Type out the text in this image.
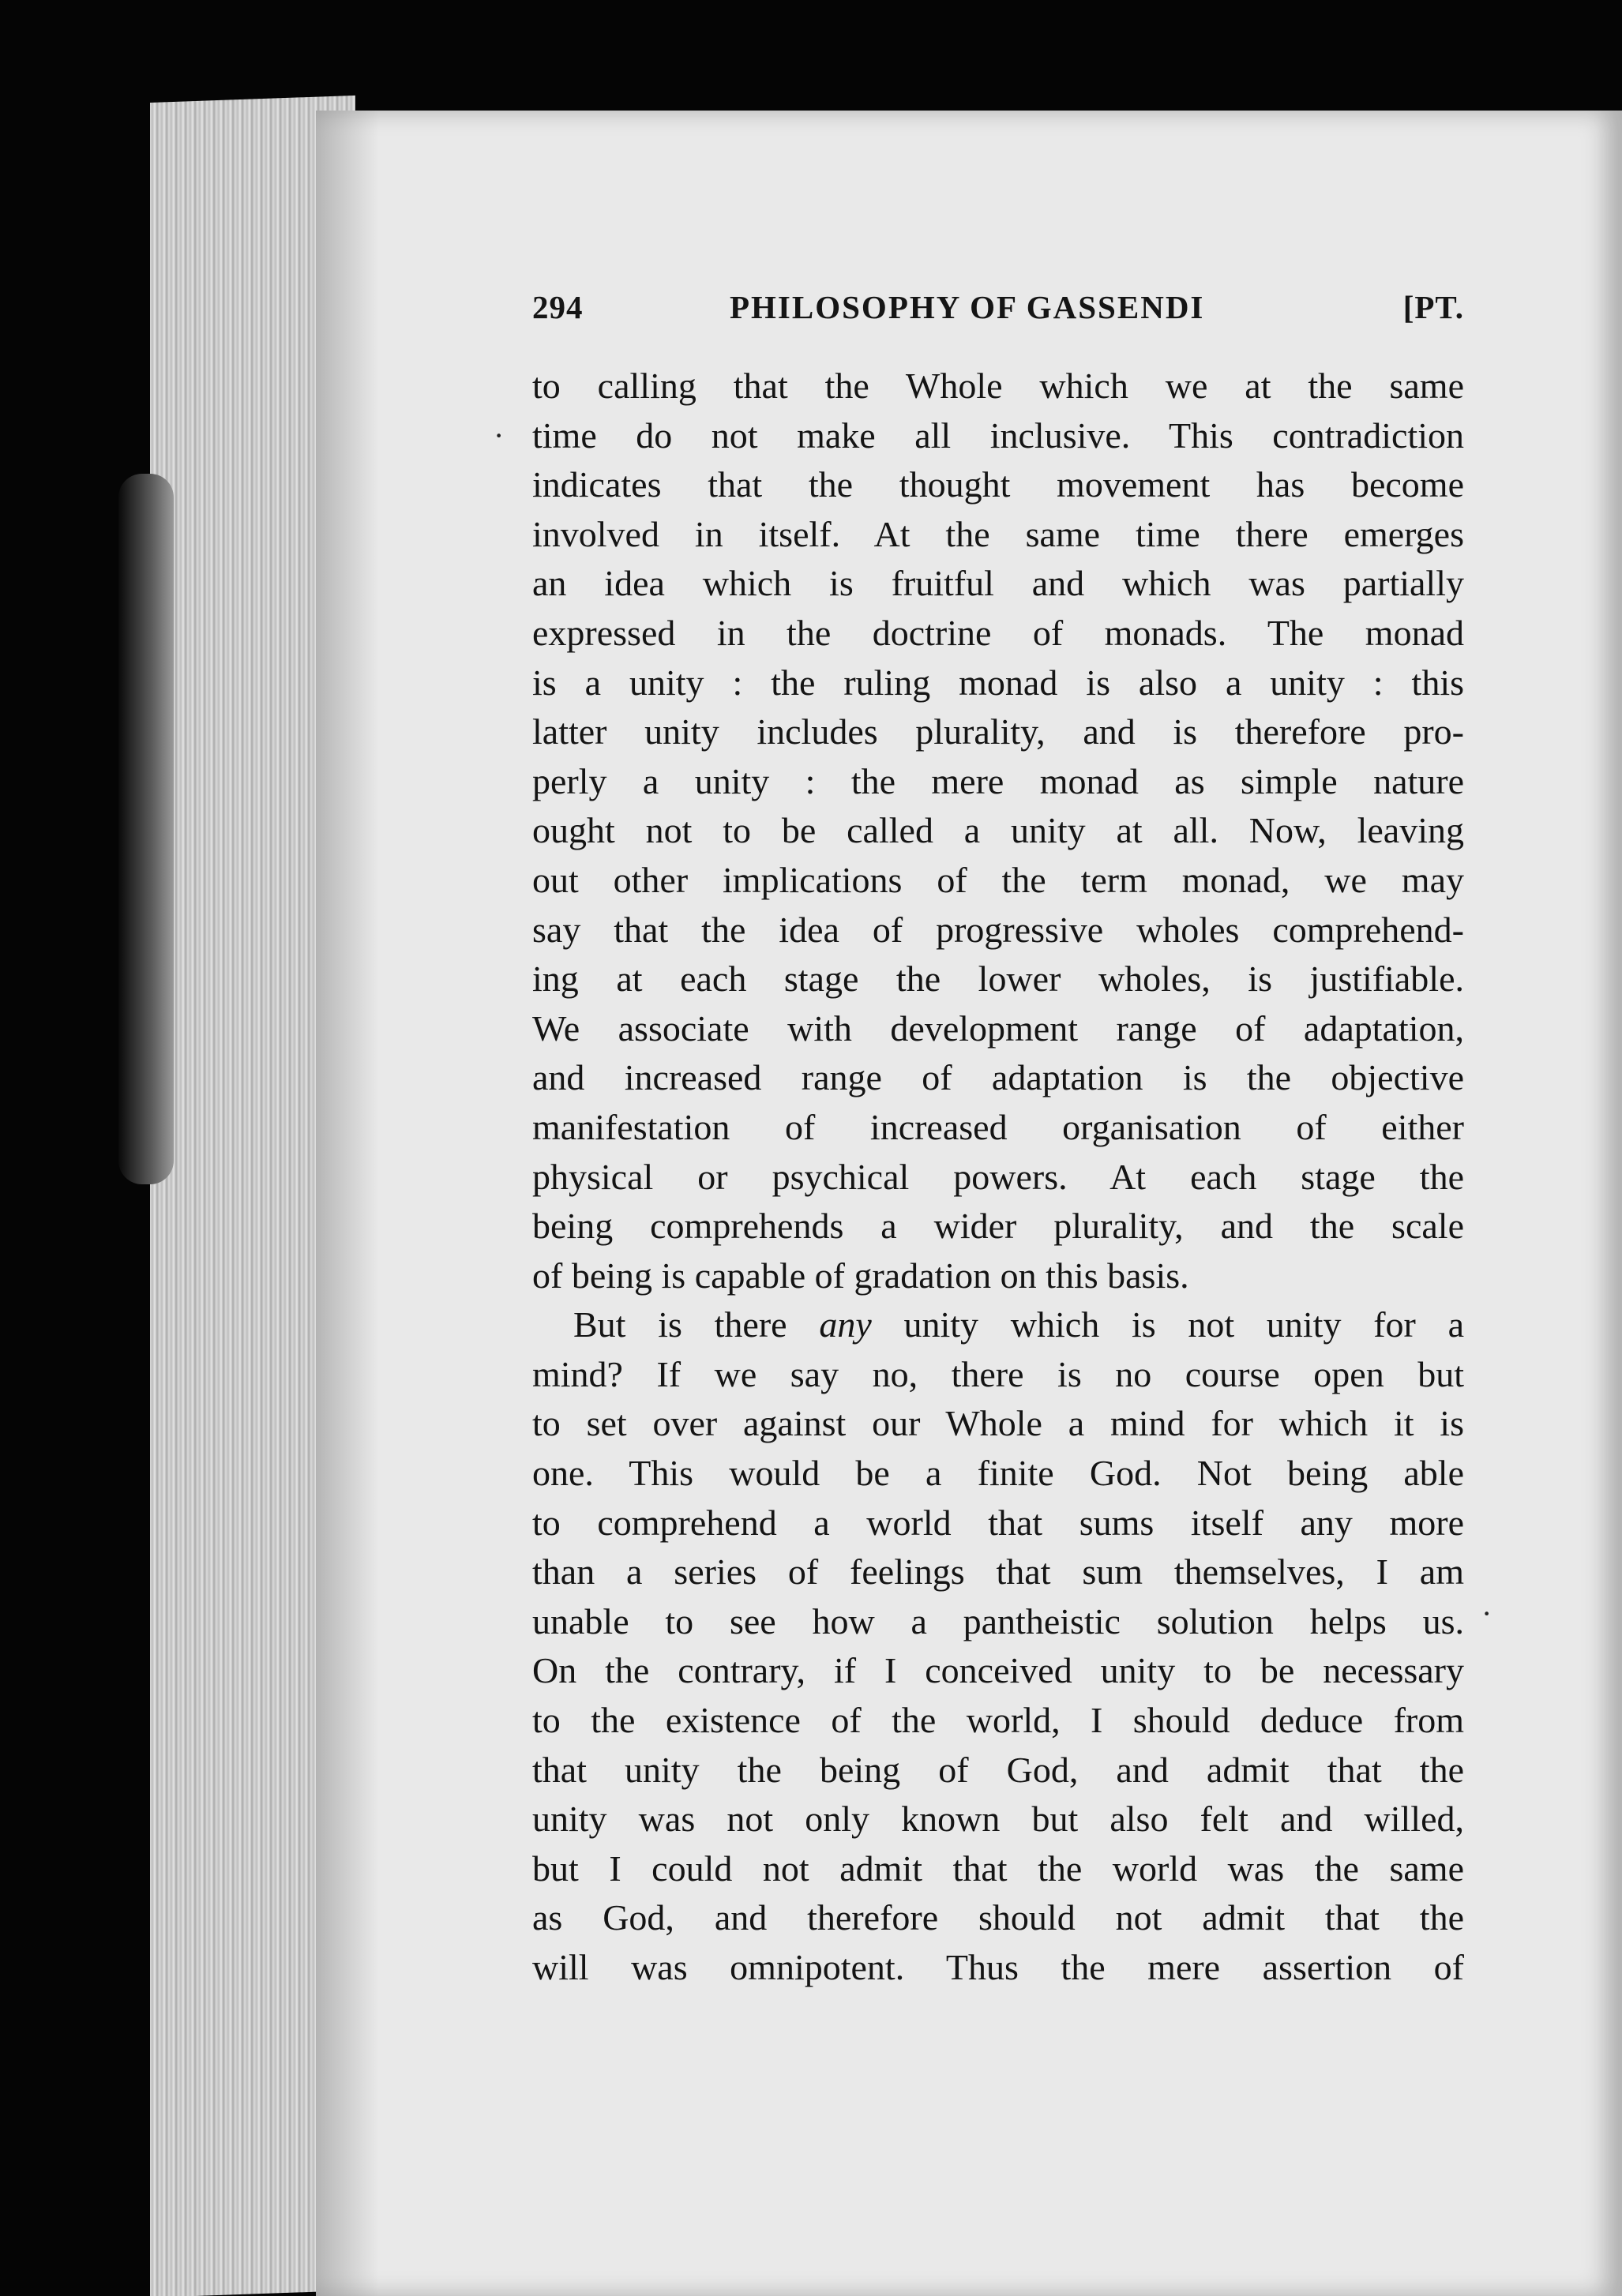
294	PHILOSOPHY OF GASSENDI	[PT.
to calling that the Whole which we at the same
time do not make all inclusive. This contradiction
indicates that the thought movement has become
involved in itself. At the same time there emerges
an idea which is fruitful and which was partially
expressed in the doctrine of monads. The monad
is a unity : the ruling monad is also a unity : this
latter unity includes plurality, and is therefore pro-
perly a unity : the mere monad as simple nature
ought not to be called a unity at all. Now, leaving
out other implications of the term monad, we may
say that the idea of progressive wholes comprehend-
ing at each stage the lower wholes, is justifiable.
We associate with development range of adaptation,
and increased range of adaptation is the objective
manifestation of increased organisation of either
physical or psychical powers. At each stage the
being comprehends a wider plurality, and the scale
of being is capable of gradation on this basis.
But is there any unity which is not unity for a
mind? If we say no, there is no course open but
to set over against our Whole a mind for which it is
one. This would be a finite God. Not being able
to comprehend a world that sums itself any more
than a series of feelings that sum themselves, I am
unable to see how a pantheistic solution helps us.
On the contrary, if I conceived unity to be necessary
to the existence of the world, I should deduce from
that unity the being of God, and admit that the
unity was not only known but also felt and willed,
but I could not admit that the world was the same
as God, and therefore should not admit that the
will was omnipotent. Thus the mere assertion of
·
·
